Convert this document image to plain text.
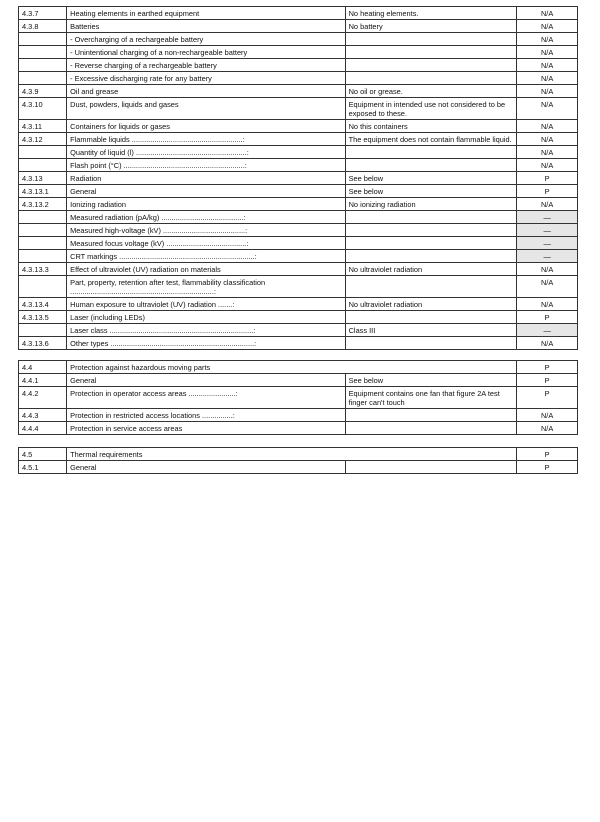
4.3.7	Heating elements in earthed equipment	No heating elements.	N/A
4.3.8	Batteries	No battery	N/A
	- Overcharging of a rechargeable battery		N/A
	- Unintentional charging of a non-rechargeable battery		N/A
	- Reverse charging of a rechargeable battery		N/A
	- Excessive discharging rate for any battery		N/A
4.3.9	Oil and grease	No oil or grease.	N/A
4.3.10	Dust, powders, liquids and gases	Equipment in intended use not considered to be exposed to these.	N/A
4.3.11	Containers for liquids or gases	No this containers	N/A
4.3.12	Flammable liquids ......................................................:	The equipment does not contain flammable liquid.	N/A
	Quantity of liquid (l) ......................................................:		N/A
	Flash point (°C) ...........................................................:		N/A
4.3.13	Radiation	See below	P
4.3.13.1	General	See below	P
4.3.13.2	Ionizing radiation	No ionizing radiation	N/A
	Measured radiation (pA/kg) ........................................:		—
	Measured high-voltage (kV) ........................................:		—
	Measured focus voltage (kV) .......................................:		—
	CRT markings ..................................................................:		—
4.3.13.3	Effect of ultraviolet (UV) radiation on materials	No ultraviolet radiation	N/A
	Part, property, retention after test, flammability classification ......................................................................:		N/A
4.3.13.4	Human exposure to ultraviolet (UV) radiation .......:	No ultraviolet radiation	N/A
4.3.13.5	Laser (including LEDs)		P
	Laser class ......................................................................:	Class III	—
4.3.13.6	Other types ......................................................................:		N/A
4.4	Protection against hazardous moving parts		P
4.4.1	General	See below	P
4.4.2	Protection in operator access areas .......................:	Equipment contains one fan that figure 2A test finger can't touch	P
4.4.3	Protection in restricted access locations ...............:		N/A
4.4.4	Protection in service access areas		N/A
4.5	Thermal requirements		P
4.5.1	General		P
